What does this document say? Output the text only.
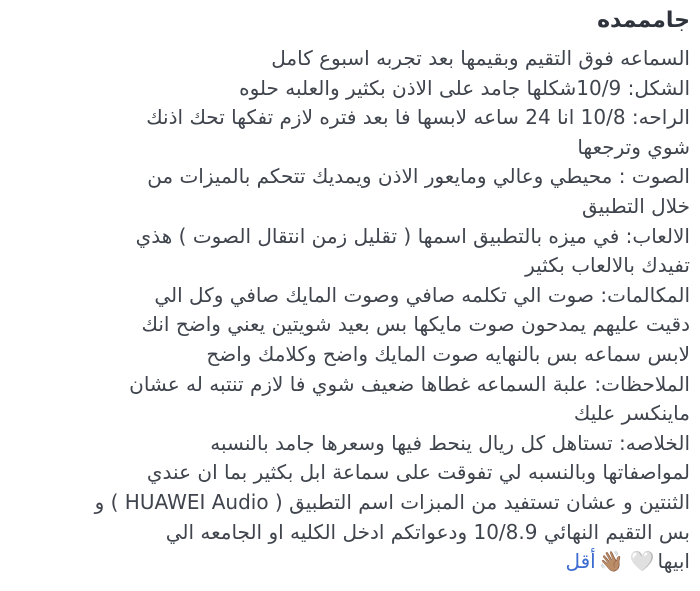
جامممده
السماعه فوق التقيم وبقيمها بعد تجربه اسبوع كامل
الشكل: 10/9شكلها جامد على الاذن بكثير والعلبه حلوه
الراحه: 10/8 انا 24 ساعه لابسها فا بعد فتره لازم تفكها تحك اذنك
شوي وترجعها
الصوت : محيطي وعالي ومايعور الاذن ويمديك تتحكم بالميزات من
خلال التطبيق
الالعاب: في ميزه بالتطبيق اسمها ( تقليل زمن انتقال الصوت ) هذي
تفيدك بالالعاب بكثير
المكالمات: صوت الي تكلمه صافي وصوت المايك صافي وكل الي
دقيت عليهم يمدحون صوت مايكها بس بعيد شويتين يعني واضح انك
لابس سماعه بس بالنهايه صوت المايك واضح وكلامك واضح
الملاحظات: علبة السماعه غطاها ضعيف شوي فا لازم تنتبه له عشان
ماينكسر عليك
الخلاصه: تستاهل كل ريال ينحط فيها وسعرها جامد بالنسبه
لمواصفاتها وبالنسبه لي تفوقت على سماعة ابل بكثير بما ان عندي
الثنتين و عشان تستفيد من المبزات اسم التطبيق ( HUAWEI Audio ) و
بس التقيم النهائي 10/8.9 ودعواتكم ادخل الكليه او الجامعه الي
ابيها🤍👋🏽أقل
